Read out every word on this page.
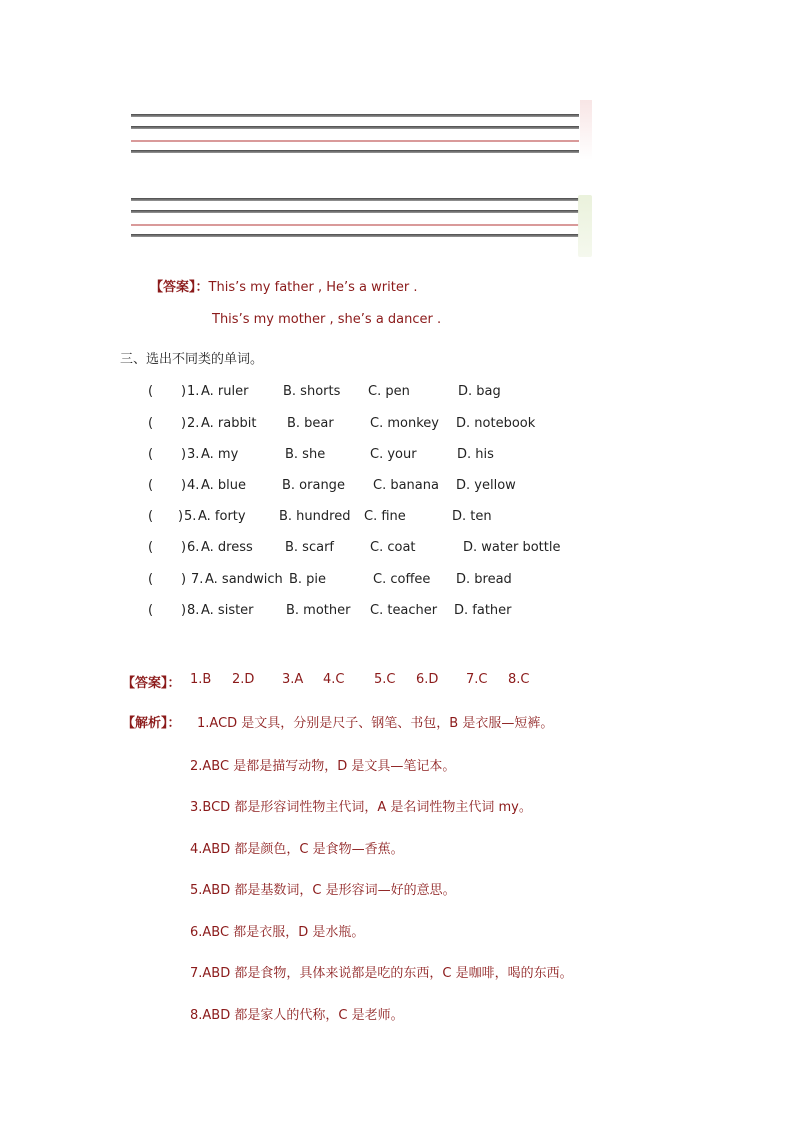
【答案】：This’s my father , He’s a writer .
This’s my mother , she’s a dancer .
三、选出不同类的单词。
( ) 1. A. ruler	B. shorts C. pen	D. bag
( ) 2. A. rabbit B. bear	C. monkey D. notebook
( ) 3. A. my	B. she	C. your	D. his
( ) 4. A. blue	B. orange C. banana D. yellow
( ) 5. A. forty	B. hundred C. fine	D. ten
( ) 6. A. dress B. scarf	C. coat	D. water bottle
( ) 7. A. sandwich B. pie	C. coffee D. bread
( ) 8. A. sister B. mother C. teacher D. father
【答案】： 1.B 2.D 3.A 4.C 5.C 6.D 7.C 8.C
【解析】： 1.ACD 是文具，分别是尺子、钢笔、书包，B 是衣服—短裤。
2.ABC 是都是描写动物，D 是文具—笔记本。
3.BCD 都是形容词性物主代词，A 是名词性物主代词 my。
4.ABD 都是颜色，C 是食物—香蕉。
5.ABD 都是基数词，C 是形容词—好的意思。
6.ABC 都是衣服，D 是水瓶。
7.ABD 都是食物，具体来说都是吃的东西，C 是咖啡，喝的东西。
8.ABD 都是家人的代称，C 是老师。
